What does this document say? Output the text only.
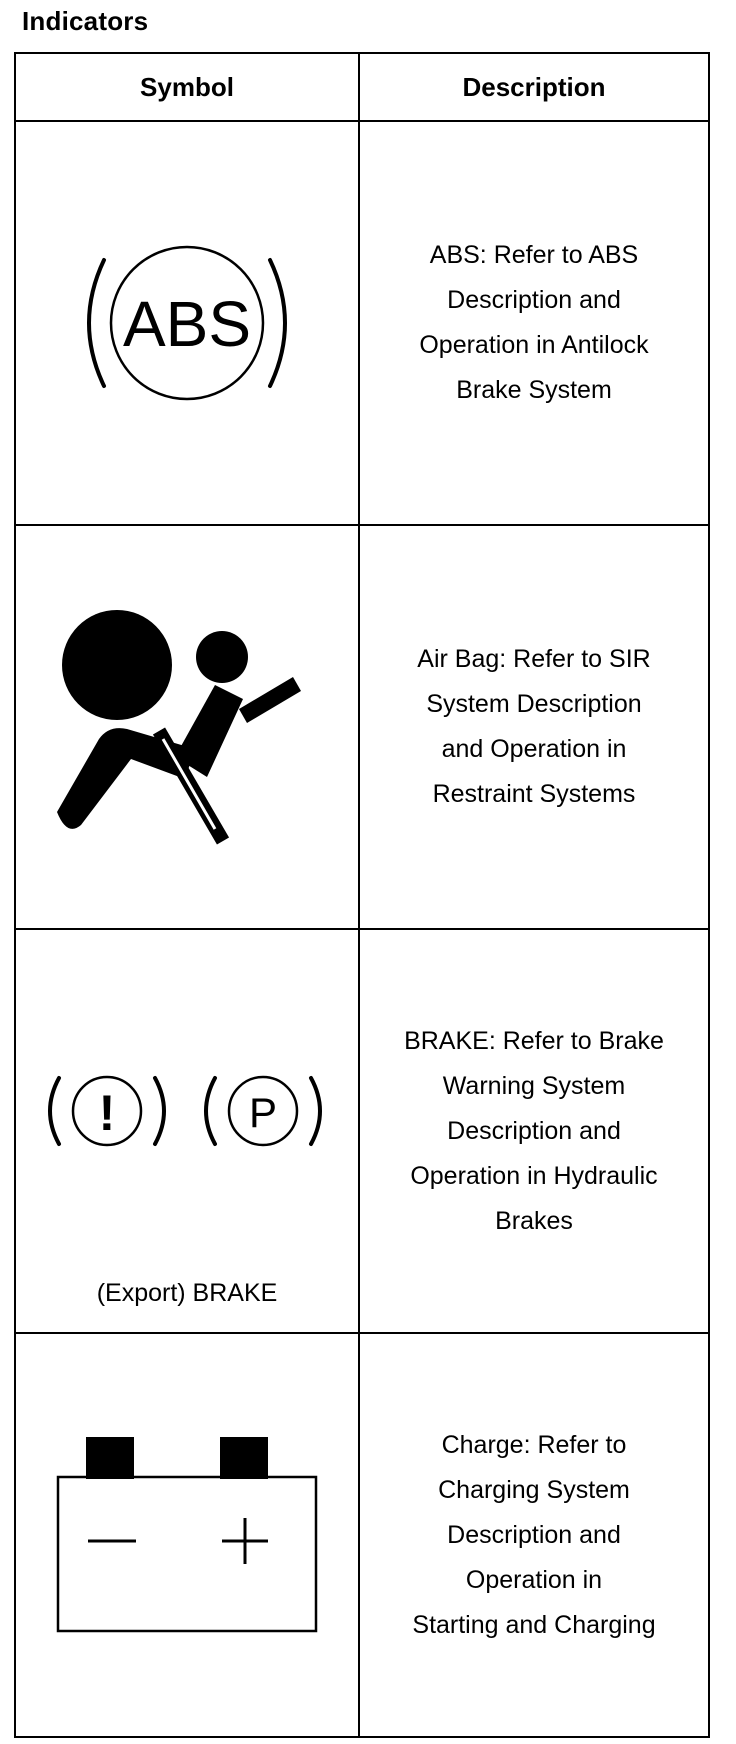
Indicators
Symbol	Description

ABS	ABS: Refer to ABS
Description and
Operation in Antilock
Brake System

Air Bag: Refer to SIR
System Description
and Operation in
Restraint Systems

! P
(Export) BRAKE	BRAKE: Refer to Brake
Warning System
Description and
Operation in Hydraulic
Brakes

Charge: Refer to
Charging System
Description and
Operation in
Starting and Charging
